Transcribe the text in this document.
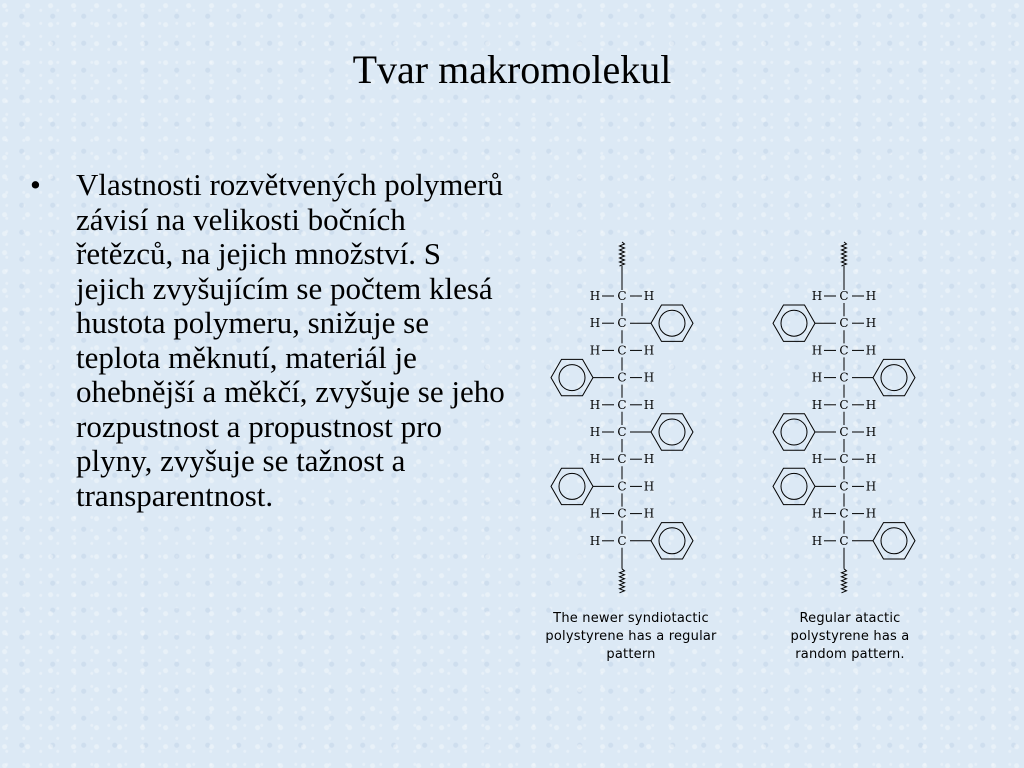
Tvar makromolekul
• Vlastnosti rozvětvených polymerů závisí na velikosti bočních řetězců, na jejich množství. S jejich zvyšujícím se počtem klesá hustota polymeru, snižuje se teplota měknutí, materiál je ohebnější a měkčí, zvyšuje se jeho rozpustnost a propustnost pro plyny, zvyšuje se tažnost a transparentnost.
C
H	H
C
H
C
H	H
C H
C
H	H
C
H
C
H	H
C H
C
H	H
C
H
C
H	H
C H
C
H	H
C
H
C
H	H
C H
C
H	H
C H
C
H	H
C
H
The newer syndiotactic
polystyrene has a regular
pattern
Regular atactic
polystyrene has a
random pattern.
